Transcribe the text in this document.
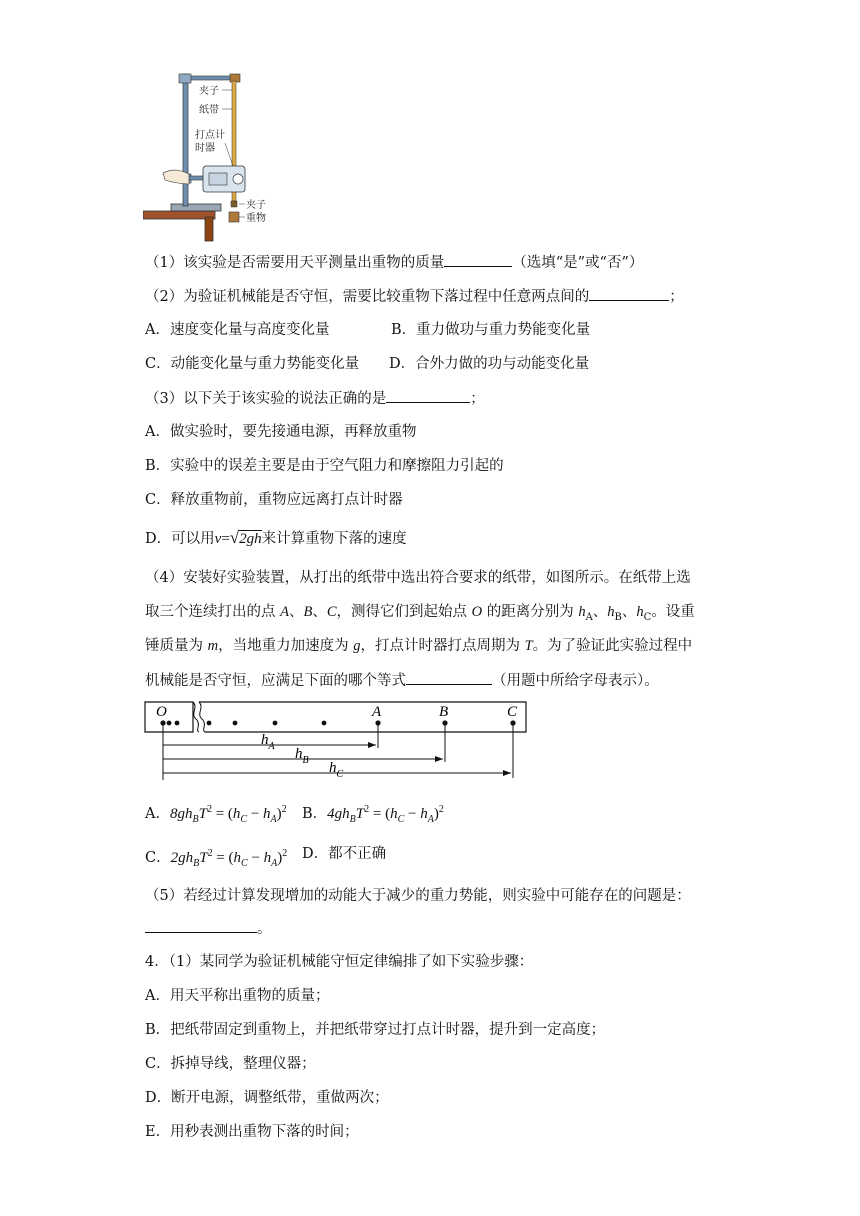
夹子
纸带
打点计
时器
夹子
重物
（1）该实验是否需要用天平测量出重物的质量	（选填“是”或“否”）
（2）为验证机械能是否守恒，需要比较重物下落过程中任意两点间的	；
A．速度变化量与高度变化量	B．重力做功与重力势能变化量
C．动能变化量与重力势能变化量 D．合外力做的功与动能变化量
（3）以下关于该实验的说法正确的是	；
A．做实验时，要先接通电源，再释放重物
B．实验中的误差主要是由于空气阻力和摩擦阻力引起的
C．释放重物前，重物应远离打点计时器
D．可以用v=√2gh来计算重物下落的速度
（4）安装好实验装置，从打出的纸带中选出符合要求的纸带，如图所示。在纸带上选
取三个连续打出的点 A、B、C，测得它们到起始点 O 的距离分别为 $h_A$、$h_B$、$h_C$。设重
锤质量为 m，当地重力加速度为 g，打点计时器打点周期为 T。为了验证此实验过程中
机械能是否守恒，应满足下面的哪个等式	（用题中所给字母表示）。
O	A	B	C
$h_A$ $h_B$ $h_C$
A．$8gh_BT^2 = (h_C - h_A)^2$ B．$4gh_BT^2 = (h_C - h_A)^2$
C．$2gh_BT^2 = (h_C - h_A)^2$ D．都不正确
（5）若经过计算发现增加的动能大于减少的重力势能，则实验中可能存在的问题是：
。
4．（1）某同学为验证机械能守恒定律编排了如下实验步骤：
A．用天平称出重物的质量；
B．把纸带固定到重物上，并把纸带穿过打点计时器，提升到一定高度；
C．拆掉导线，整理仪器；
D．断开电源，调整纸带，重做两次；
E．用秒表测出重物下落的时间；
